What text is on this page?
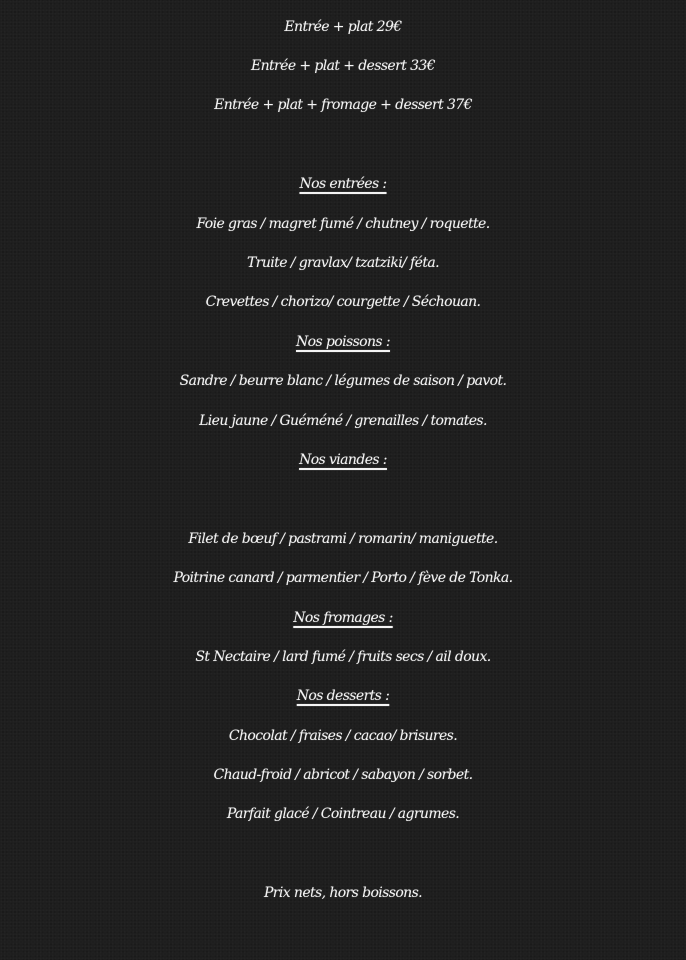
Entrée + plat 29€
Entrée + plat + dessert 33€
Entrée + plat + fromage + dessert 37€
Nos entrées :
Foie gras / magret fumé / chutney / roquette.
Truite / gravlax/ tzatziki/ féta.
Crevettes / chorizo/ courgette / Séchouan.
Nos poissons :
Sandre / beurre blanc / légumes de saison / pavot.
Lieu jaune / Guéméné / grenailles / tomates.
Nos viandes :
Filet de bœuf / pastrami / romarin/ maniguette.
Poitrine canard / parmentier / Porto / fève de Tonka.
Nos fromages :
St Nectaire / lard fumé / fruits secs / ail doux.
Nos desserts :
Chocolat / fraises / cacao/ brisures.
Chaud-froid / abricot / sabayon / sorbet.
Parfait glacé / Cointreau / agrumes.
Prix nets, hors boissons.
